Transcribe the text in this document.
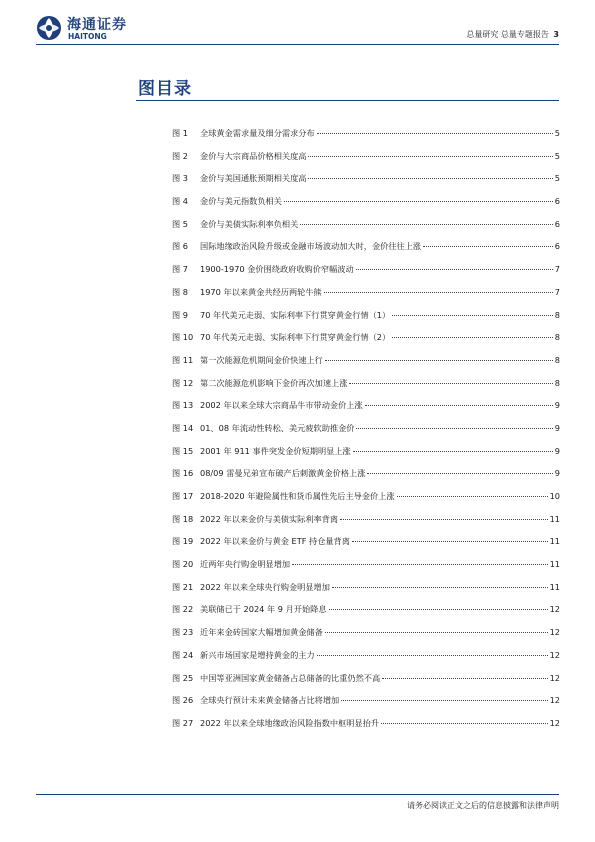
海通证券
HAITONG	总量研究 总量专题报告 3
图目录
图 1	全球黄金需求量及细分需求分布	5
图 2	金价与大宗商品价格相关度高	5
图 3	金价与美国通胀预期相关度高	5
图 4	金价与美元指数负相关	6
图 5	金价与美债实际利率负相关	6
图 6	国际地缘政治风险升级或金融市场波动加大时，金价往往上涨	6
图 7	1900-1970 金价围绕政府收购价窄幅波动	7
图 8	1970 年以来黄金共经历两轮牛熊	7
图 9	70 年代美元走弱、实际利率下行贯穿黄金行情（1）	8
图 10 70 年代美元走弱、实际利率下行贯穿黄金行情（2）	8
图 11 第一次能源危机期间金价快速上行	8
图 12 第二次能源危机影响下金价再次加速上涨	8
图 13 2002 年以来全球大宗商品牛市带动金价上涨	9
图 14 01、08 年流动性转松、美元疲软助推金价	9
图 15 2001 年 911 事件突发金价短期明显上涨	9
图 16 08/09 雷曼兄弟宣布破产后刺激黄金价格上涨	9
图 17 2018-2020 年避险属性和货币属性先后主导金价上涨	10
图 18 2022 年以来金价与美债实际利率背离	11
图 19 2022 年以来金价与黄金 ETF 持仓量背离	11
图 20 近两年央行购金明显增加	11
图 21 2022 年以来全球央行购金明显增加	11
图 22 美联储已于 2024 年 9 月开始降息	12
图 23 近年来金砖国家大幅增加黄金储备	12
图 24 新兴市场国家是增持黄金的主力	12
图 25 中国等亚洲国家黄金储备占总储备的比重仍然不高	12
图 26 全球央行预计未来黄金储备占比将增加	12
图 27 2022 年以来全球地缘政治风险指数中枢明显抬升	12
请务必阅读正文之后的信息披露和法律声明
